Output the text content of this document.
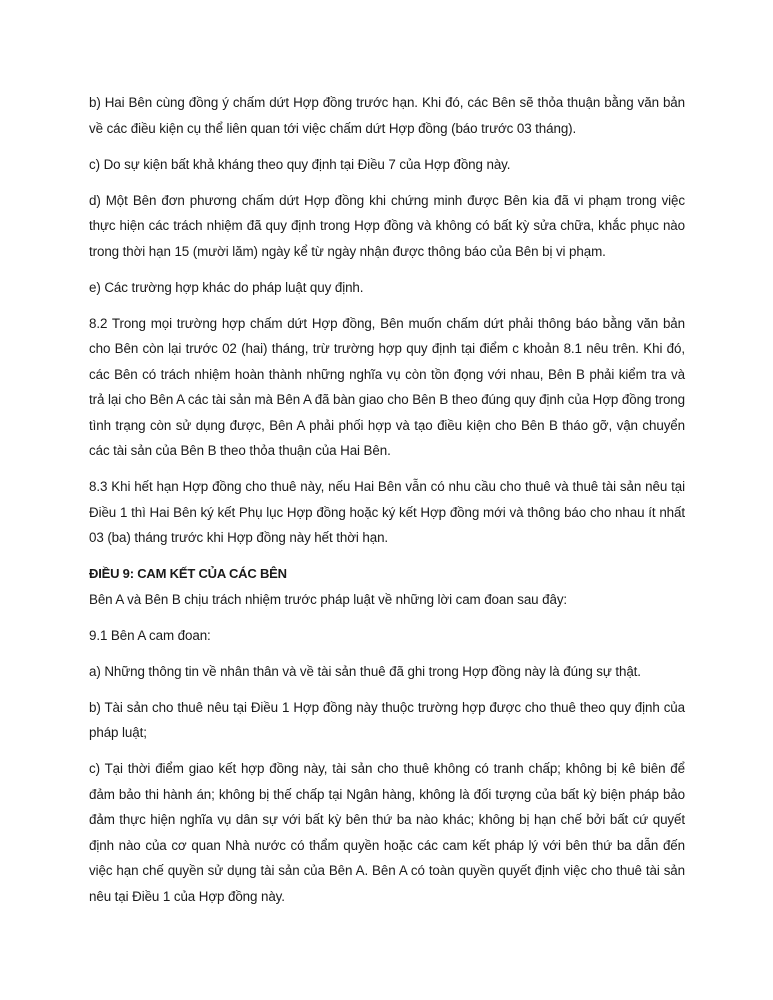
b) Hai Bên cùng đồng ý chấm dứt Hợp đồng trước hạn. Khi đó, các Bên sẽ thỏa thuận bằng văn bản về các điều kiện cụ thể liên quan tới việc chấm dứt Hợp đồng (báo trước 03 tháng).

c) Do sự kiện bất khả kháng theo quy định tại Điều 7 của Hợp đồng này.

d) Một Bên đơn phương chấm dứt Hợp đồng khi chứng minh được Bên kia đã vi phạm trong việc thực hiện các trách nhiệm đã quy định trong Hợp đồng và không có bất kỳ sửa chữa, khắc phục nào trong thời hạn 15 (mười lăm) ngày kể từ ngày nhận được thông báo của Bên bị vi phạm.

e) Các trường hợp khác do pháp luật quy định.

8.2 Trong mọi trường hợp chấm dứt Hợp đồng, Bên muốn chấm dứt phải thông báo bằng văn bản cho Bên còn lại trước 02 (hai) tháng, trừ trường hợp quy định tại điểm c khoản 8.1 nêu trên. Khi đó, các Bên có trách nhiệm hoàn thành những nghĩa vụ còn tồn đọng với nhau, Bên B phải kiểm tra và trả lại cho Bên A các tài sản mà Bên A đã bàn giao cho Bên B theo đúng quy định của Hợp đồng trong tình trạng còn sử dụng được, Bên A phải phối hợp và tạo điều kiện cho Bên B tháo gỡ, vận chuyển các tài sản của Bên B theo thỏa thuận của Hai Bên.

8.3 Khi hết hạn Hợp đồng cho thuê này, nếu Hai Bên vẫn có nhu cầu cho thuê và thuê tài sản nêu tại Điều 1 thì Hai Bên ký kết Phụ lục Hợp đồng hoặc ký kết Hợp đồng mới và thông báo cho nhau ít nhất 03 (ba) tháng trước khi Hợp đồng này hết thời hạn.

ĐIỀU 9: CAM KẾT CỦA CÁC BÊN

Bên A và Bên B chịu trách nhiệm trước pháp luật về những lời cam đoan sau đây:

9.1 Bên A cam đoan:

a) Những thông tin về nhân thân và về tài sản thuê đã ghi trong Hợp đồng này là đúng sự thật.

b) Tài sản cho thuê nêu tại Điều 1 Hợp đồng này thuộc trường hợp được cho thuê theo quy định của pháp luật;

c) Tại thời điểm giao kết hợp đồng này, tài sản cho thuê không có tranh chấp; không bị kê biên để đảm bảo thi hành án; không bị thế chấp tại Ngân hàng, không là đối tượng của bất kỳ biện pháp bảo đảm thực hiện nghĩa vụ dân sự với bất kỳ bên thứ ba nào khác; không bị hạn chế bởi bất cứ quyết định nào của cơ quan Nhà nước có thẩm quyền hoặc các cam kết pháp lý với bên thứ ba dẫn đến việc hạn chế quyền sử dụng tài sản của Bên A. Bên A có toàn quyền quyết định việc cho thuê tài sản nêu tại Điều 1 của Hợp đồng này.
